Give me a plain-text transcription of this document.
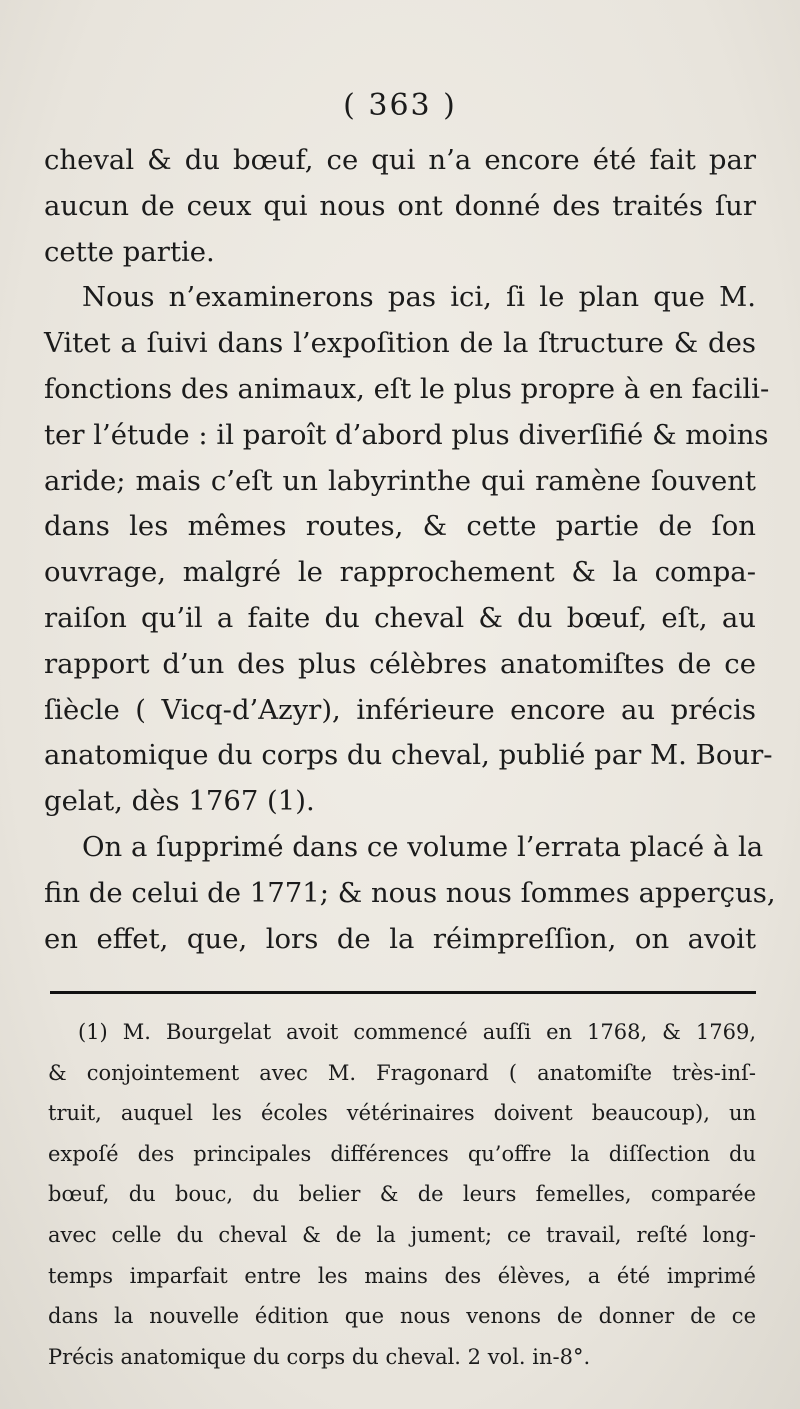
( 363 )
cheval & du bœuf, ce qui n’a encore été fait par
aucun de ceux qui nous ont donné des traités ſur
cette partie.
Nous n’examinerons pas ici, ſi le plan que M.
Vitet a ſuivi dans l’expoſition de la ſtructure & des
fonctions des animaux, eſt le plus propre à en facili-
ter l’étude : il paroît d’abord plus diverſifié & moins
aride; mais c’eſt un labyrinthe qui ramène ſouvent
dans les mêmes routes, & cette partie de ſon
ouvrage, malgré le rapprochement & la compa-
raiſon qu’il a faite du cheval & du bœuf, eſt, au
rapport d’un des plus célèbres anatomiſtes de ce
ſiècle ( Vicq-d’Azyr), inférieure encore au précis
anatomique du corps du cheval, publié par M. Bour-
gelat, dès 1767 (1).
On a ſupprimé dans ce volume l’errata placé à la
fin de celui de 1771; & nous nous ſommes apperçus,
en effet, que, lors de la réimpreſſion, on avoit
(1) M. Bourgelat avoit commencé auſſi en 1768, & 1769,
& conjointement avec M. Fragonard ( anatomiſte très-inſ-
truit, auquel les écoles vétérinaires doivent beaucoup), un
expoſé des principales différences qu’offre la diſſection du
bœuf, du bouc, du belier & de leurs femelles, comparée
avec celle du cheval & de la jument; ce travail, reſté long-
temps imparfait entre les mains des élèves, a été imprimé
dans la nouvelle édition que nous venons de donner de ce
Précis anatomique du corps du cheval. 2 vol. in-8°.
